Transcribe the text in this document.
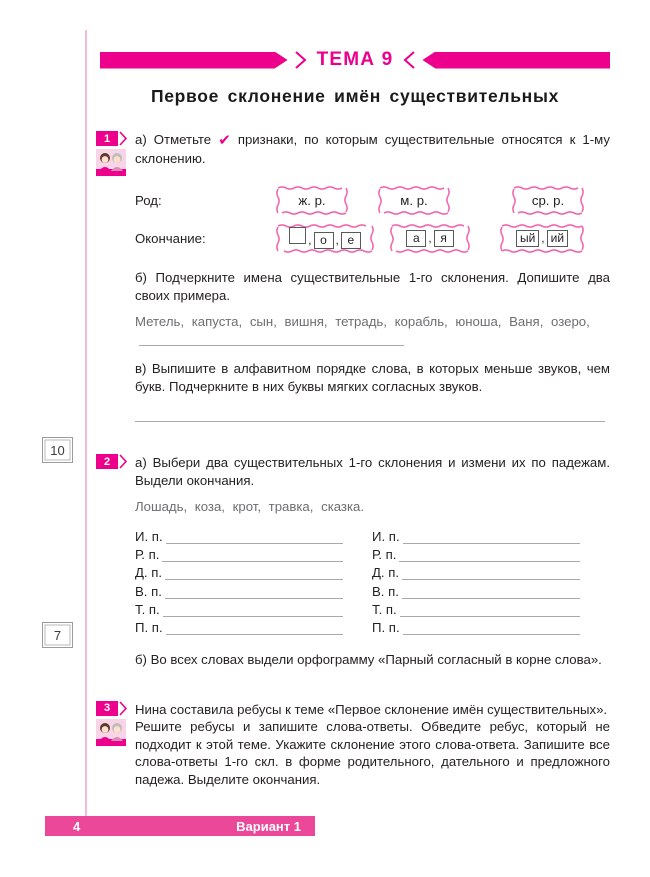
10
7
ТЕМА 9
Первое склонение имён существительных
1 а) Отметьте ✔ признаки, по которым существительные относятся к 1-му склонению.
Род:	ж. р.	м. р.	ср. р.
Окончание:	, о , е	а , я	ый , ий
б) Подчеркните имена существительные 1-го склонения. Допишите два своих примера.
Метель, капуста, сын, вишня, тетрадь, корабль, юноша, Ваня, озеро,
в) Выпишите в алфавитном порядке слова, в которых меньше звуков, чем букв. Подчеркните в них буквы мягких согласных звуков.
2 а) Выбери два существительных 1-го склонения и измени их по падежам. Выдели окончания.
Лошадь, коза, крот, травка, сказка.
И. п.
Р. п.
Д. п.
В. п.
Т. п.
П. п.
И. п.
Р. п.
Д. п.
В. п.
Т. п.
П. п.
б) Во всех словах выдели орфограмму «Парный согласный в корне слова».
3 Нина составила ребусы к теме «Первое склонение имён существительных».
Решите ребусы и запишите слова-ответы. Обведите ребус, который не подходит к этой теме. Укажите склонение этого слова-ответа. Запишите все слова-ответы 1-го скл. в форме родительного, дательного и предложного падежа. Выделите окончания.
4	Вариант 1
